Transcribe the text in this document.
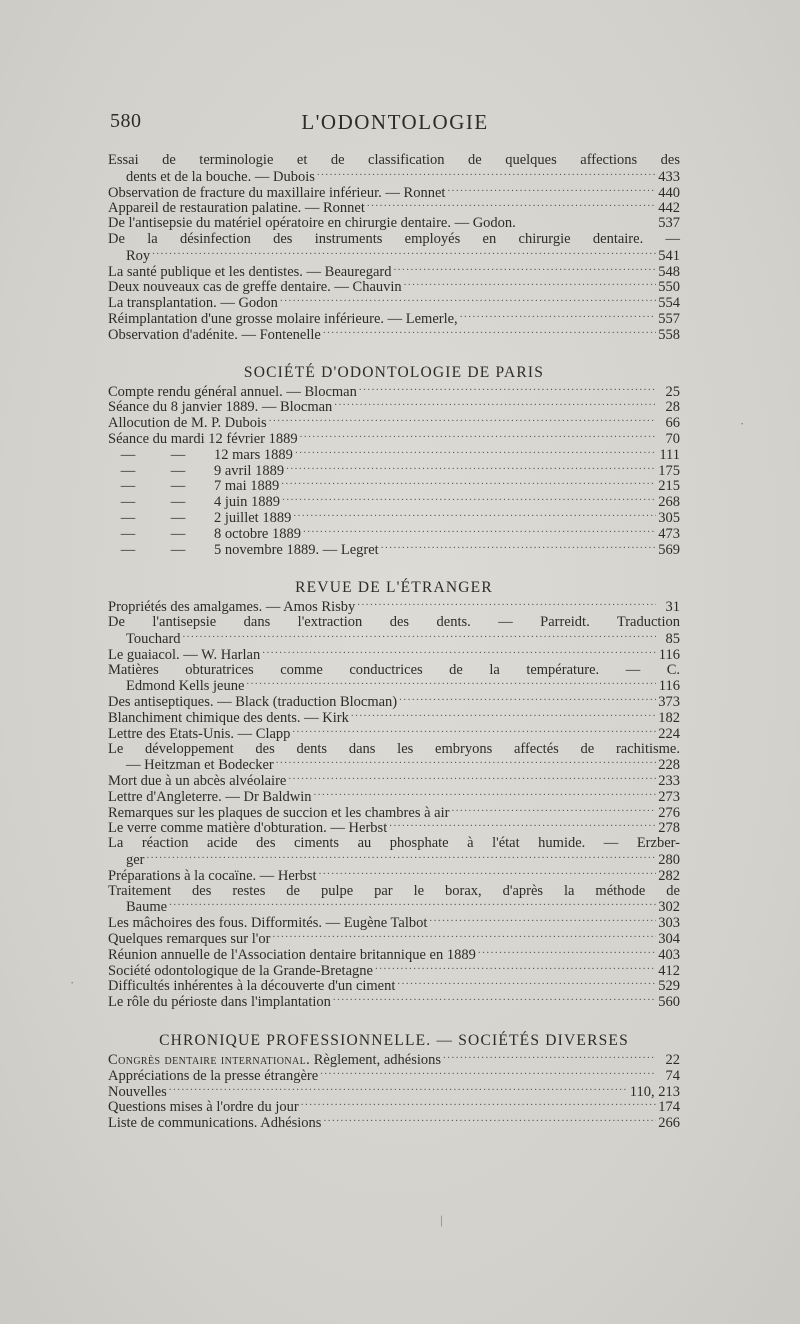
580	L'ODONTOLOGIE
Essai de terminologie et de classification de quelques affections des
dents et de la bouche. — Dubois .....	433
Observation de fracture du maxillaire inférieur. — Ronnet .....	440
Appareil de restauration palatine. — Ronnet .....	442
De l'antisepsie du matériel opératoire en chirurgie dentaire. — Godon.	537
De la désinfection des instruments employés en chirurgie dentaire. —
Roy .....	541
La santé publique et les dentistes. — Beauregard .....	548
Deux nouveaux cas de greffe dentaire. — Chauvin .....	550
La transplantation. — Godon .....	554
Réimplantation d'une grosse molaire inférieure. — Lemerle, .....	557
Observation d'adénite. — Fontenelle .....	558
SOCIÉTÉ D'ODONTOLOGIE DE PARIS
Compte rendu général annuel. — Blocman .....	25
Séance du 8 janvier 1889. — Blocman .....	28
Allocution de M. P. Dubois .....	66
Séance du mardi 12 février 1889 .....	70
— — 12 mars 1889 .....	111
— — 9 avril 1889 .....	175
— — 7 mai 1889 .....	215
— — 4 juin 1889 .....	268
— — 2 juillet 1889 .....	305
— — 8 octobre 1889 .....	473
— — 5 novembre 1889. — Legret .....	569
REVUE DE L'ÉTRANGER
Propriétés des amalgames. — Amos Risby .....	31
De l'antisepsie dans l'extraction des dents. — Parreidt. Traduction
Touchard .....	85
Le guaiacol. — W. Harlan .....	116
Matières obturatrices comme conductrices de la température. — C.
Edmond Kells jeune .....	116
Des antiseptiques. — Black (traduction Blocman) .....	373
Blanchiment chimique des dents. — Kirk .....	182
Lettre des Etats-Unis. — Clapp .....	224
Le développement des dents dans les embryons affectés de rachitisme.
— Heitzman et Bodecker .....	228
Mort due à un abcès alvéolaire .....	233
Lettre d'Angleterre. — Dr Baldwin .....	273
Remarques sur les plaques de succion et les chambres à air .....	276
Le verre comme matière d'obturation. — Herbst .....	278
La réaction acide des ciments au phosphate à l'état humide. — Erzber-
ger .....	280
Préparations à la cocaïne. — Herbst .....	282
Traitement des restes de pulpe par le borax, d'après la méthode de
Baume .....	302
Les mâchoires des fous. Difformités. — Eugène Talbot .....	303
Quelques remarques sur l'or .....	304
Réunion annuelle de l'Association dentaire britannique en 1889 .....	403
Société odontologique de la Grande-Bretagne .....	412
Difficultés inhérentes à la découverte d'un ciment .....	529
Le rôle du périoste dans l'implantation .....	560
CHRONIQUE PROFESSIONNELLE. — SOCIÉTÉS DIVERSES
Congrès dentaire international. Règlement, adhésions .....	22
Appréciations de la presse étrangère .....	74
Nouvelles .....	110, 213
Questions mises à l'ordre du jour .....	174
Liste de communications. Adhésions .....	266
·
·
|
